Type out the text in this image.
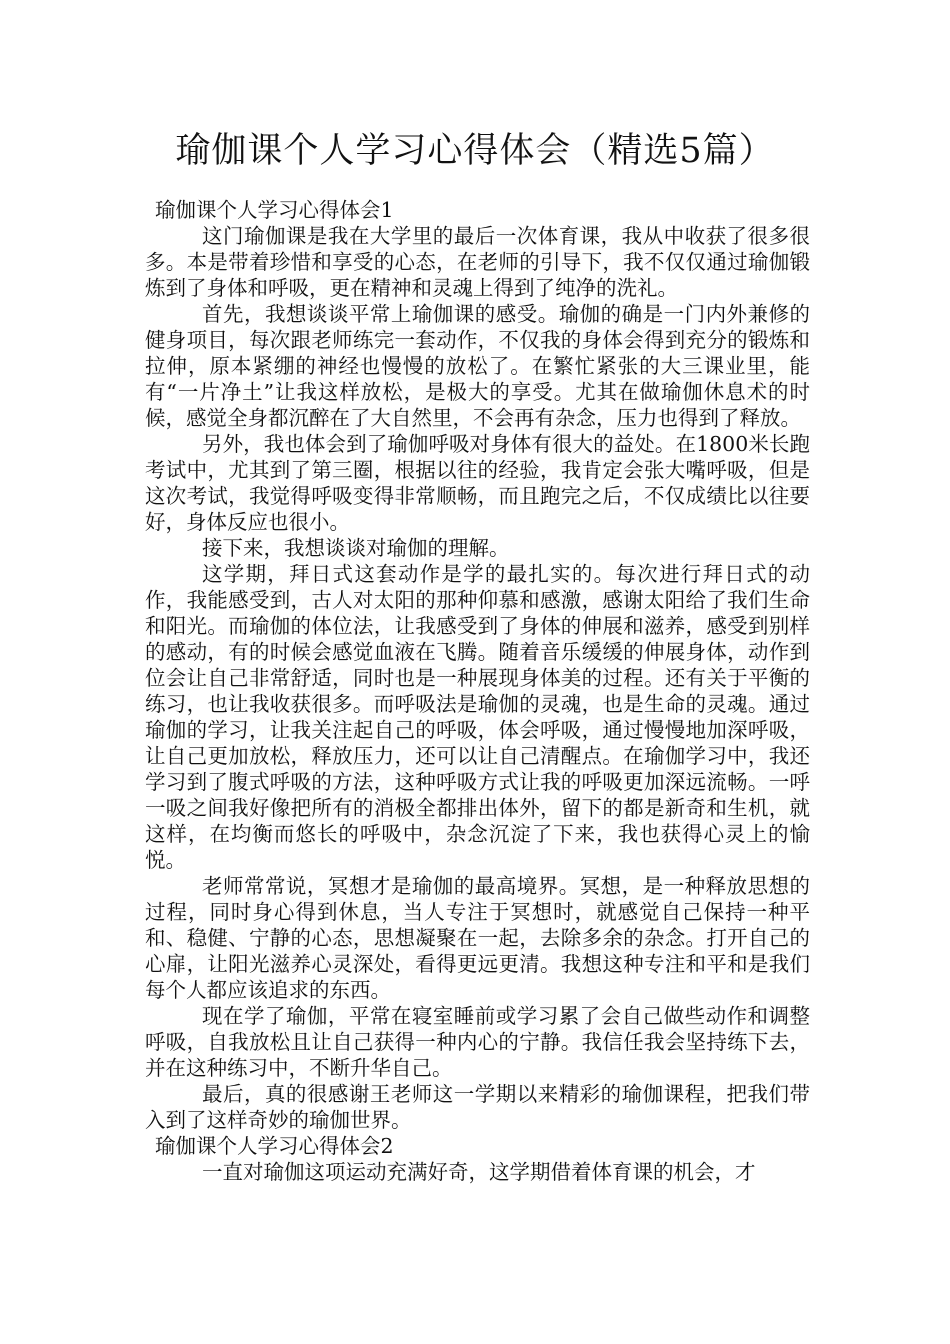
瑜伽课个人学习心得体会（精选5篇）
瑜伽课个人学习心得体会1

这门瑜伽课是我在大学里的最后一次体育课，我从中收获了很多很多。本是带着珍惜和享受的心态，在老师的引导下，我不仅仅通过瑜伽锻炼到了身体和呼吸，更在精神和灵魂上得到了纯净的洗礼。

首先，我想谈谈平常上瑜伽课的感受。瑜伽的确是一门内外兼修的健身项目，每次跟老师练完一套动作，不仅我的身体会得到充分的锻炼和拉伸，原本紧绷的神经也慢慢的放松了。在繁忙紧张的大三课业里，能有“一片净土”让我这样放松，是极大的享受。尤其在做瑜伽休息术的时候，感觉全身都沉醉在了大自然里，不会再有杂念，压力也得到了释放。

另外，我也体会到了瑜伽呼吸对身体有很大的益处。在1800米长跑考试中，尤其到了第三圈，根据以往的经验，我肯定会张大嘴呼吸，但是这次考试，我觉得呼吸变得非常顺畅，而且跑完之后，不仅成绩比以往要好，身体反应也很小。

接下来，我想谈谈对瑜伽的理解。

这学期，拜日式这套动作是学的最扎实的。每次进行拜日式的动作，我能感受到，古人对太阳的那种仰慕和感激，感谢太阳给了我们生命和阳光。而瑜伽的体位法，让我感受到了身体的伸展和滋养，感受到别样的感动，有的时候会感觉血液在飞腾。随着音乐缓缓的伸展身体，动作到位会让自己非常舒适，同时也是一种展现身体美的过程。还有关于平衡的练习，也让我收获很多。而呼吸法是瑜伽的灵魂，也是生命的灵魂。通过瑜伽的学习，让我关注起自己的呼吸，体会呼吸，通过慢慢地加深呼吸，让自己更加放松，释放压力，还可以让自己清醒点。在瑜伽学习中，我还学习到了腹式呼吸的方法，这种呼吸方式让我的呼吸更加深远流畅。一呼一吸之间我好像把所有的消极全都排出体外，留下的都是新奇和生机，就这样，在均衡而悠长的呼吸中，杂念沉淀了下来，我也获得心灵上的愉悦。

老师常常说，冥想才是瑜伽的最高境界。冥想，是一种释放思想的过程，同时身心得到休息，当人专注于冥想时，就感觉自己保持一种平和、稳健、宁静的心态，思想凝聚在一起，去除多余的杂念。打开自己的心扉，让阳光滋养心灵深处，看得更远更清。我想这种专注和平和是我们每个人都应该追求的东西。

现在学了瑜伽，平常在寝室睡前或学习累了会自己做些动作和调整呼吸，自我放松且让自己获得一种内心的宁静。我信任我会坚持练下去，并在这种练习中，不断升华自己。

最后，真的很感谢王老师这一学期以来精彩的瑜伽课程，把我们带入到了这样奇妙的瑜伽世界。

瑜伽课个人学习心得体会2

一直对瑜伽这项运动充满好奇，这学期借着体育课的机会，才
